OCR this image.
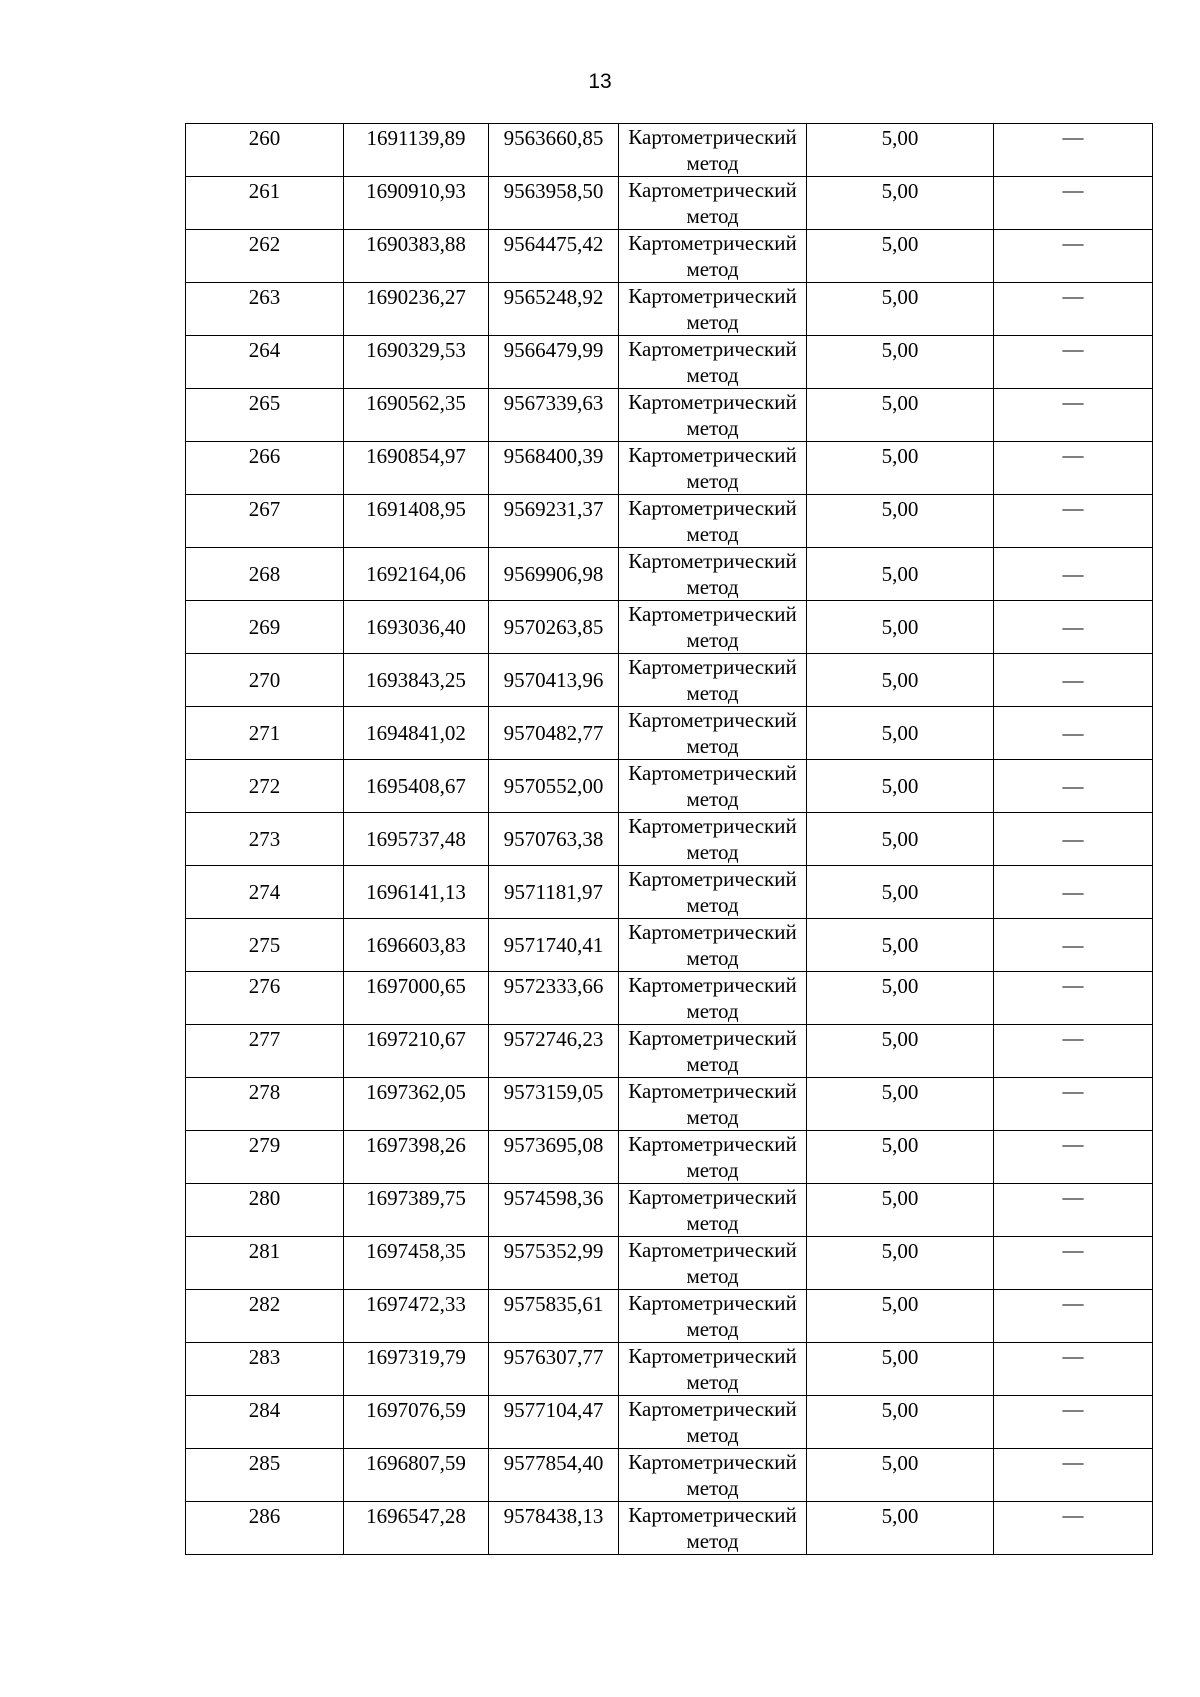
13
260	1691139,89	9563660,85	Картометрический метод	5,00	—
261	1690910,93	9563958,50	Картометрический метод	5,00	—
262	1690383,88	9564475,42	Картометрический метод	5,00	—
263	1690236,27	9565248,92	Картометрический метод	5,00	—
264	1690329,53	9566479,99	Картометрический метод	5,00	—
265	1690562,35	9567339,63	Картометрический метод	5,00	—
266	1690854,97	9568400,39	Картометрический метод	5,00	—
267	1691408,95	9569231,37	Картометрический метод	5,00	—
268	1692164,06	9569906,98	Картометрический метод	5,00	—
269	1693036,40	9570263,85	Картометрический метод	5,00	—
270	1693843,25	9570413,96	Картометрический метод	5,00	—
271	1694841,02	9570482,77	Картометрический метод	5,00	—
272	1695408,67	9570552,00	Картометрический метод	5,00	—
273	1695737,48	9570763,38	Картометрический метод	5,00	—
274	1696141,13	9571181,97	Картометрический метод	5,00	—
275	1696603,83	9571740,41	Картометрический метод	5,00	—
276	1697000,65	9572333,66	Картометрический метод	5,00	—
277	1697210,67	9572746,23	Картометрический метод	5,00	—
278	1697362,05	9573159,05	Картометрический метод	5,00	—
279	1697398,26	9573695,08	Картометрический метод	5,00	—
280	1697389,75	9574598,36	Картометрический метод	5,00	—
281	1697458,35	9575352,99	Картометрический метод	5,00	—
282	1697472,33	9575835,61	Картометрический метод	5,00	—
283	1697319,79	9576307,77	Картометрический метод	5,00	—
284	1697076,59	9577104,47	Картометрический метод	5,00	—
285	1696807,59	9577854,40	Картометрический метод	5,00	—
286	1696547,28	9578438,13	Картометрический метод	5,00	—
